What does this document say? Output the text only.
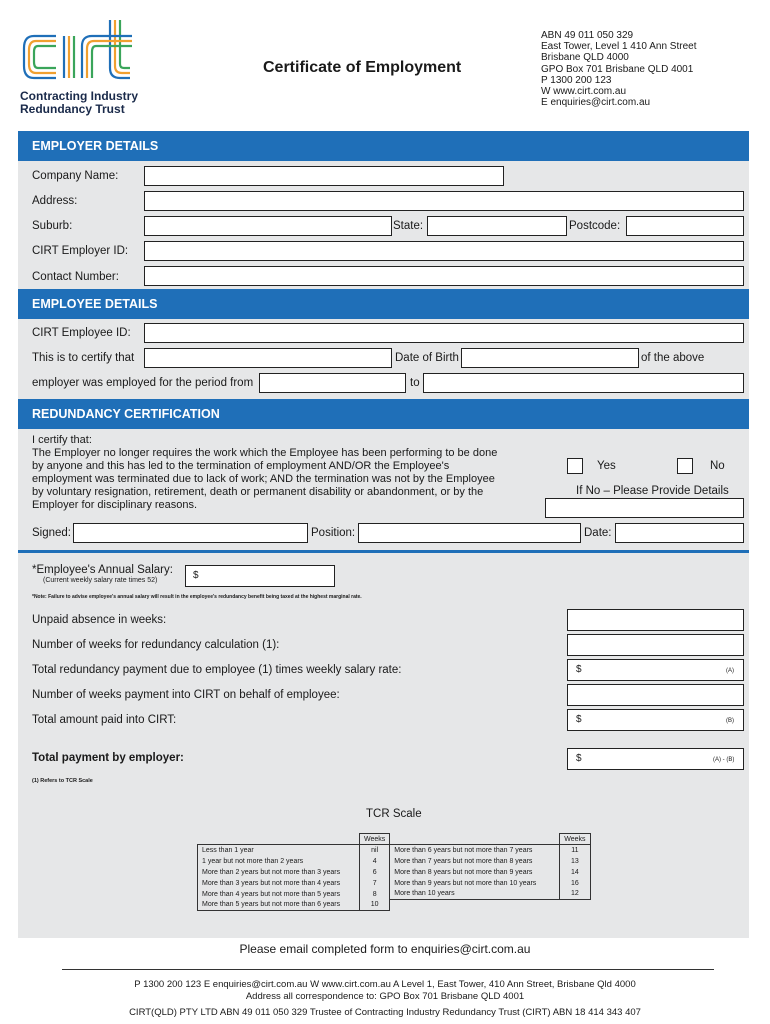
Contracting Industry
Redundancy Trust
Certificate of Employment
ABN 49 011 050 329
East Tower, Level 1 410 Ann Street
Brisbane QLD 4000
GPO Box 701 Brisbane QLD 4001
P 1300 200 123
W www.cirt.com.au
E enquiries@cirt.com.au
EMPLOYER DETAILS
Company Name:
Address:
Suburb:	State:	Postcode:
CIRT Employer ID:
Contact Number:
EMPLOYEE DETAILS
CIRT Employee ID:
This is to certify that	Date of Birth	of the above
employer was employed for the period from	to
REDUNDANCY CERTIFICATION
I certify that:
The Employer no longer requires the work which the Employee has been performing to be done
by anyone and this has led to the termination of employment AND/OR the Employee's
employment was terminated due to lack of work; AND the termination was not by the Employee
by voluntary resignation, retirement, death or permanent disability or abandonment, or by the
Employer for disciplinary reasons.
Yes	No
If No – Please Provide Details
Signed:	Position:	Date:
*Employee's Annual Salary:
(Current weekly salary rate times 52)	$
*Note: Failure to advise employee's annual salary will result in the employee's redundancy benefit being taxed at the highest marginal rate.
Unpaid absence in weeks:
Number of weeks for redundancy calculation (1):
Total redundancy payment due to employee (1) times weekly salary rate:	$	(A)
Number of weeks payment into CIRT on behalf of employee:
Total amount paid into CIRT:	$	(B)
Total payment by employer:	$	(A) - (B)
(1) Refers to TCR Scale
TCR Scale
	Weeks		Weeks
Less than 1 year	nil	More than 6 years but not more than 7 years	11
1 year but not more than 2 years	4	More than 7 years but not more than 8 years	13
More than 2 years but not more than 3 years	6	More than 8 years but not more than 9 years	14
More than 3 years but not more than 4 years	7	More than 9 years but not more than 10 years	16
More than 4 years but not more than 5 years	8	More than 10 years	12
More than 5 years but not more than 6 years	10		
Please email completed form to enquiries@cirt.com.au
P 1300 200 123 E enquiries@cirt.com.au W www.cirt.com.au A Level 1, East Tower, 410 Ann Street, Brisbane Qld 4000
Address all correspondence to: GPO Box 701 Brisbane QLD 4001
CIRT(QLD) PTY LTD ABN 49 011 050 329 Trustee of Contracting Industry Redundancy Trust (CIRT) ABN 18 414 343 407
